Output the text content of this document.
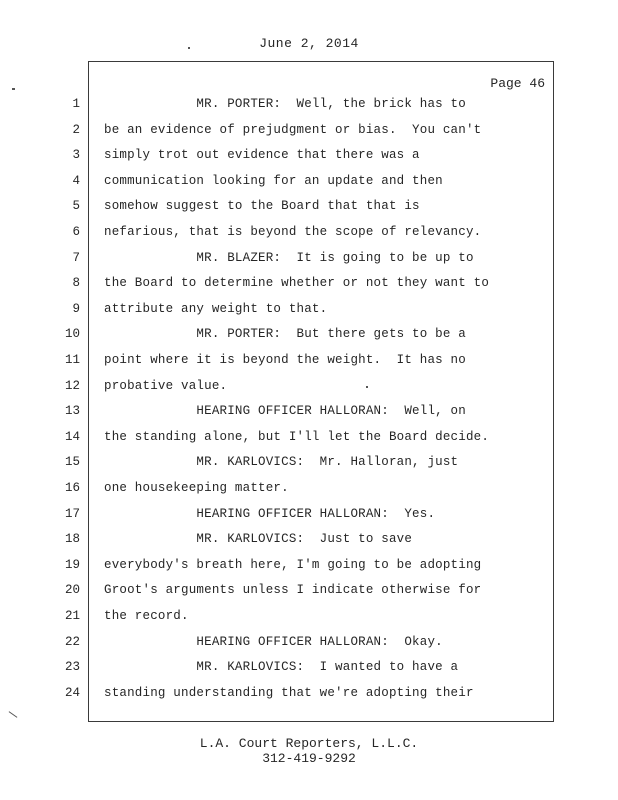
June 2, 2014
Page 46
1
2
3
4
5
6
7
8
9
10
11
12
13
14
15
16
17
18
19
20
21
22
23
24
MR. PORTER:  Well, the brick has to
be an evidence of prejudgment or bias.  You can't
simply trot out evidence that there was a
communication looking for an update and then
somehow suggest to the Board that that is
nefarious, that is beyond the scope of relevancy.
MR. BLAZER:  It is going to be up to
the Board to determine whether or not they want to
attribute any weight to that.
MR. PORTER:  But there gets to be a
point where it is beyond the weight.  It has no
probative value.
HEARING OFFICER HALLORAN:  Well, on
the standing alone, but I'll let the Board decide.
MR. KARLOVICS:  Mr. Halloran, just
one housekeeping matter.
HEARING OFFICER HALLORAN:  Yes.
MR. KARLOVICS:  Just to save
everybody's breath here, I'm going to be adopting
Groot's arguments unless I indicate otherwise for
the record.
HEARING OFFICER HALLORAN:  Okay.
MR. KARLOVICS:  I wanted to have a
standing understanding that we're adopting their
L.A. Court Reporters, L.L.C.
312-419-9292
